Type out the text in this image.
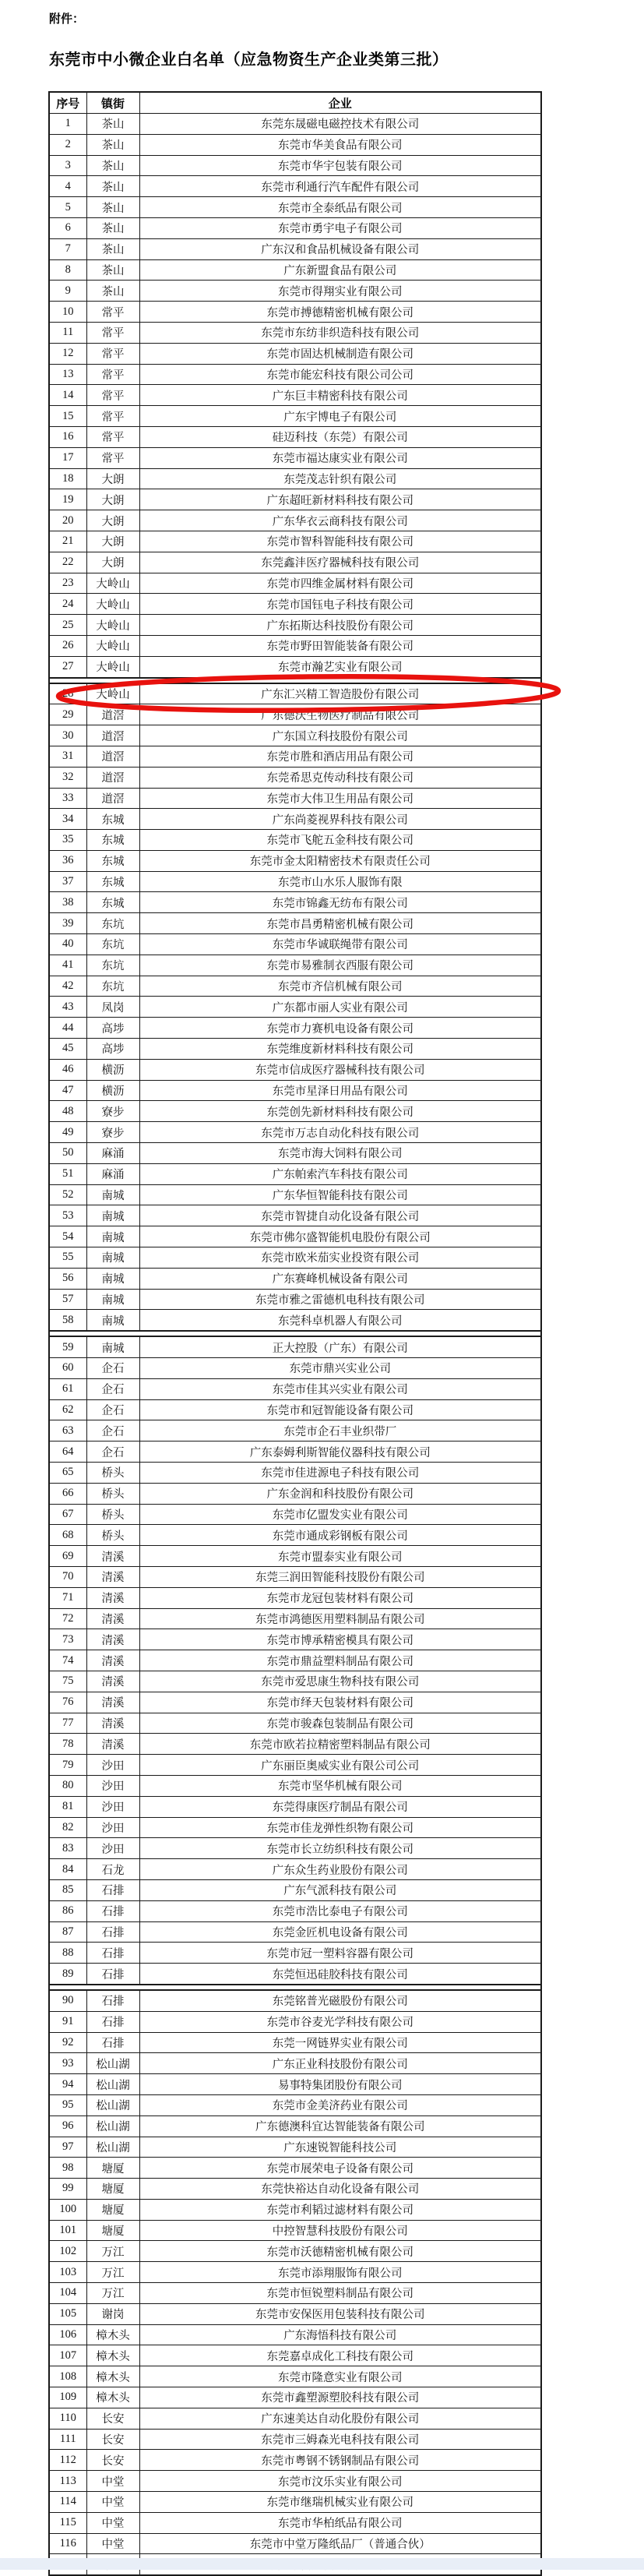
附件：
东莞市中小微企业白名单（应急物资生产企业类第三批）
序号	镇街	企业
1	茶山	东莞东晟磁电磁控技术有限公司
2	茶山	东莞市华美食品有限公司
3	茶山	东莞市华宇包装有限公司
4	茶山	东莞市利通行汽车配件有限公司
5	茶山	东莞市全泰纸品有限公司
6	茶山	东莞市勇宇电子有限公司
7	茶山	广东汉和食品机械设备有限公司
8	茶山	广东新盟食品有限公司
9	茶山	东莞市得翔实业有限公司
10	常平	东莞市搏德精密机械有限公司
11	常平	东莞市东纺非织造科技有限公司
12	常平	东莞市固达机械制造有限公司
13	常平	东莞市能宏科技有限公司公司
14	常平	广东巨丰精密科技有限公司
15	常平	广东宇博电子有限公司
16	常平	硅迈科技（东莞）有限公司
17	常平	东莞市福达康实业有限公司
18	大朗	东莞茂志针织有限公司
19	大朗	广东超旺新材料科技有限公司
20	大朗	广东华衣云商科技有限公司
21	大朗	东莞市智科智能科技有限公司
22	大朗	东莞鑫沣医疗器械科技有限公司
23	大岭山	东莞市四维金属材料有限公司
24	大岭山	东莞市国钰电子科技有限公司
25	大岭山	广东拓斯达科技股份有限公司
26	大岭山	东莞市野田智能装备有限公司
27	大岭山	东莞市瀚艺实业有限公司

28	大岭山	广东汇兴精工智造股份有限公司
29	道滘	广东德沃生物医疗制品有限公司
30	道滘	广东国立科技股份有限公司
31	道滘	东莞市胜和酒店用品有限公司
32	道滘	东莞希思克传动科技有限公司
33	道滘	东莞市大伟卫生用品有限公司
34	东城	广东尚菱视界科技有限公司
35	东城	东莞市飞舵五金科技有限公司
36	东城	东莞市金太阳精密技术有限责任公司
37	东城	东莞市山水乐人服饰有限
38	东城	东莞市锦鑫无纺布有限公司
39	东坑	东莞市昌勇精密机械有限公司
40	东坑	东莞市华诚联绳带有限公司
41	东坑	东莞市易雅制衣西服有限公司
42	东坑	东莞市齐信机械有限公司
43	凤岗	广东都市丽人实业有限公司
44	高埗	东莞市力赛机电设备有限公司
45	高埗	东莞维度新材料科技有限公司
46	横沥	东莞市信成医疗器械科技有限公司
47	横沥	东莞市星泽日用品有限公司
48	寮步	东莞创先新材料科技有限公司
49	寮步	东莞市万志自动化科技有限公司
50	麻涌	东莞市海大饲料有限公司
51	麻涌	广东帕索汽车科技有限公司
52	南城	广东华恒智能科技有限公司
53	南城	东莞市智捷自动化设备有限公司
54	南城	东莞市佛尔盛智能机电股份有限公司
55	南城	东莞市欧米茄实业投资有限公司
56	南城	广东赛峰机械设备有限公司
57	南城	东莞市雅之雷德机电科技有限公司
58	南城	东莞科卓机器人有限公司

59	南城	正大控股（广东）有限公司
60	企石	东莞市鼎兴实业公司
61	企石	东莞市佳其兴实业有限公司
62	企石	东莞市和冠智能设备有限公司
63	企石	东莞市企石丰业织带厂
64	企石	广东泰姆利斯智能仪器科技有限公司
65	桥头	东莞市佳进源电子科技有限公司
66	桥头	广东金润和科技股份有限公司
67	桥头	东莞市亿盟发实业有限公司
68	桥头	东莞市通成彩钢板有限公司
69	清溪	东莞市盟泰实业有限公司
70	清溪	东莞三润田智能科技股份有限公司
71	清溪	东莞市龙冠包装材料有限公司
72	清溪	东莞市鸿德医用塑料制品有限公司
73	清溪	东莞市博承精密模具有限公司
74	清溪	东莞市鼎益塑料制品有限公司
75	清溪	东莞市爱思康生物科技有限公司
76	清溪	东莞市绎天包装材料有限公司
77	清溪	东莞市骏森包装制品有限公司
78	清溪	东莞市欧若拉精密塑料制品有限公司
79	沙田	广东丽臣奥威实业有限公司公司
80	沙田	东莞市坚华机械有限公司
81	沙田	东莞得康医疗制品有限公司
82	沙田	东莞市佳龙弹性织物有限公司
83	沙田	东莞市长立纺织科技有限公司
84	石龙	广东众生药业股份有限公司
85	石排	广东气派科技有限公司
86	石排	东莞市浩比泰电子有限公司
87	石排	东莞金匠机电设备有限公司
88	石排	东莞市冠一塑料容器有限公司
89	石排	东莞恒迅硅胶科技有限公司

90	石排	东莞铭普光磁股份有限公司
91	石排	东莞市谷麦光学科技有限公司
92	石排	东莞一网链界实业有限公司
93	松山湖	广东正业科技股份有限公司
94	松山湖	易事特集团股份有限公司
95	松山湖	东莞市金美济药业有限公司
96	松山湖	广东德澳科宜达智能装备有限公司
97	松山湖	广东速锐智能科技公司
98	塘厦	东莞市展荣电子设备有限公司
99	塘厦	东莞快裕达自动化设备有限公司
100	塘厦	东莞市利韬过滤材料有限公司
101	塘厦	中控智慧科技股份有限公司
102	万江	东莞市沃德精密机械有限公司
103	万江	东莞市添翔服饰有限公司
104	万江	东莞市恒锐塑料制品有限公司
105	谢岗	东莞市安保医用包装科技有限公司
106	樟木头	广东海悟科技有限公司
107	樟木头	东莞嘉卓成化工科技有限公司
108	樟木头	东莞市隆意实业有限公司
109	樟木头	东莞市鑫塑源塑胶科技有限公司
110	长安	广东速美达自动化股份有限公司
111	长安	东莞市三姆森光电科技有限公司
112	长安	东莞市粤钢不锈钢制品有限公司
113	中堂	东莞市汶乐实业有限公司
114	中堂	东莞市继瑞机械实业有限公司
115	中堂	东莞市华柏纸品有限公司
116	中堂	东莞市中堂万隆纸品厂（普通合伙）
